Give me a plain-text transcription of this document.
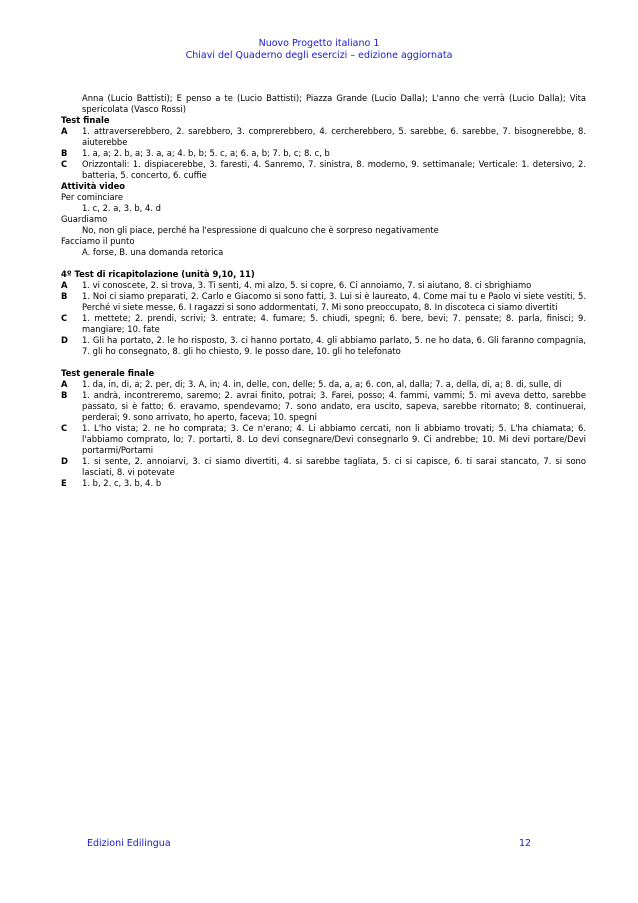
Nuovo Progetto italiano 1
Chiavi del Quaderno degli esercizi – edizione aggiornata
Anna (Lucio Battisti); E penso a te (Lucio Battisti); Piazza Grande (Lucio Dalla); L'anno che verrà (Lucio Dalla); Vita spericolata (Vasco Rossi)
Test finale
A	1. attraverserebbero, 2. sarebbero, 3. comprerebbero, 4. cercherebbero, 5. sarebbe, 6. sarebbe, 7. bisognerebbe, 8. aiuterebbe
B	1. a, a; 2. b, a; 3. a, a; 4. b, b; 5. c, a; 6. a, b; 7. b, c; 8. c, b
C	Orizzontali: 1. dispiacerebbe, 3. faresti, 4. Sanremo, 7. sinistra, 8. moderno, 9. settimanale; Verticale: 1. detersivo, 2. batteria, 5. concerto, 6. cuffie
Attività video
Per cominciare
1. c, 2. a, 3. b, 4. d
Guardiamo
No, non gli piace, perché ha l'espressione di qualcuno che è sorpreso negativamente
Facciamo il punto
A. forse, B. una domanda retorica
4º Test di ricapitolazione (unità 9,10, 11)
A	1. vi conoscete, 2. si trova, 3. Ti senti, 4. mi alzo, 5. si copre, 6. Ci annoiamo, 7. si aiutano, 8. ci sbrighiamo
B	1. Noi ci siamo preparati, 2. Carlo e Giacomo si sono fatti, 3. Lui si è laureato, 4. Come mai tu e Paolo vi siete vestiti, 5. Perché vi siete messe, 6. I ragazzi si sono addormentati, 7. Mi sono preoccupato, 8. In discoteca ci siamo divertiti
C	1. mettete; 2. prendi, scrivi; 3. entrate; 4. fumare; 5. chiudi, spegni; 6. bere, bevi; 7. pensate; 8. parla, finisci; 9. mangiare; 10. fate
D	1. Gli ha portato, 2. le ho risposto, 3. ci hanno portato, 4. gli abbiamo parlato, 5. ne ho data, 6. Gli faranno compagnia, 7. gli ho consegnato, 8. gli ho chiesto, 9. le posso dare, 10. gli ho telefonato
Test generale finale
A	1. da, in, di, a; 2. per, di; 3. A, in; 4. in, delle, con, delle; 5. da, a, a; 6. con, al, dalla; 7. a, della, di, a; 8. di, sulle, di
B	1. andrà, incontreremo, saremo; 2. avrai finito, potrai; 3. Farei, posso; 4. fammi, vammi; 5. mi aveva detto, sarebbe passato, si è fatto; 6. eravamo, spendevamo; 7. sono andato, era uscito, sapeva, sarebbe ritornato; 8. continuerai, perderai; 9. sono arrivato, ho aperto, faceva; 10. spegni
C	1. L'ho vista; 2. ne ho comprata; 3. Ce n'erano; 4. Li abbiamo cercati, non li abbiamo trovati; 5. L'ha chiamata; 6. l'abbiamo comprato, lo; 7. portarti, 8. Lo devi consegnare/Devi consegnarlo 9. Ci andrebbe; 10. Mi devi portare/Devi portarmi/Portami
D	1. si sente, 2. annoiarvi, 3. ci siamo divertiti, 4. si sarebbe tagliata, 5. ci si capisce, 6. ti sarai stancato, 7. si sono lasciati, 8. vi potevate
E	1. b, 2. c, 3. b, 4. b
Edizioni Edilingua	12
